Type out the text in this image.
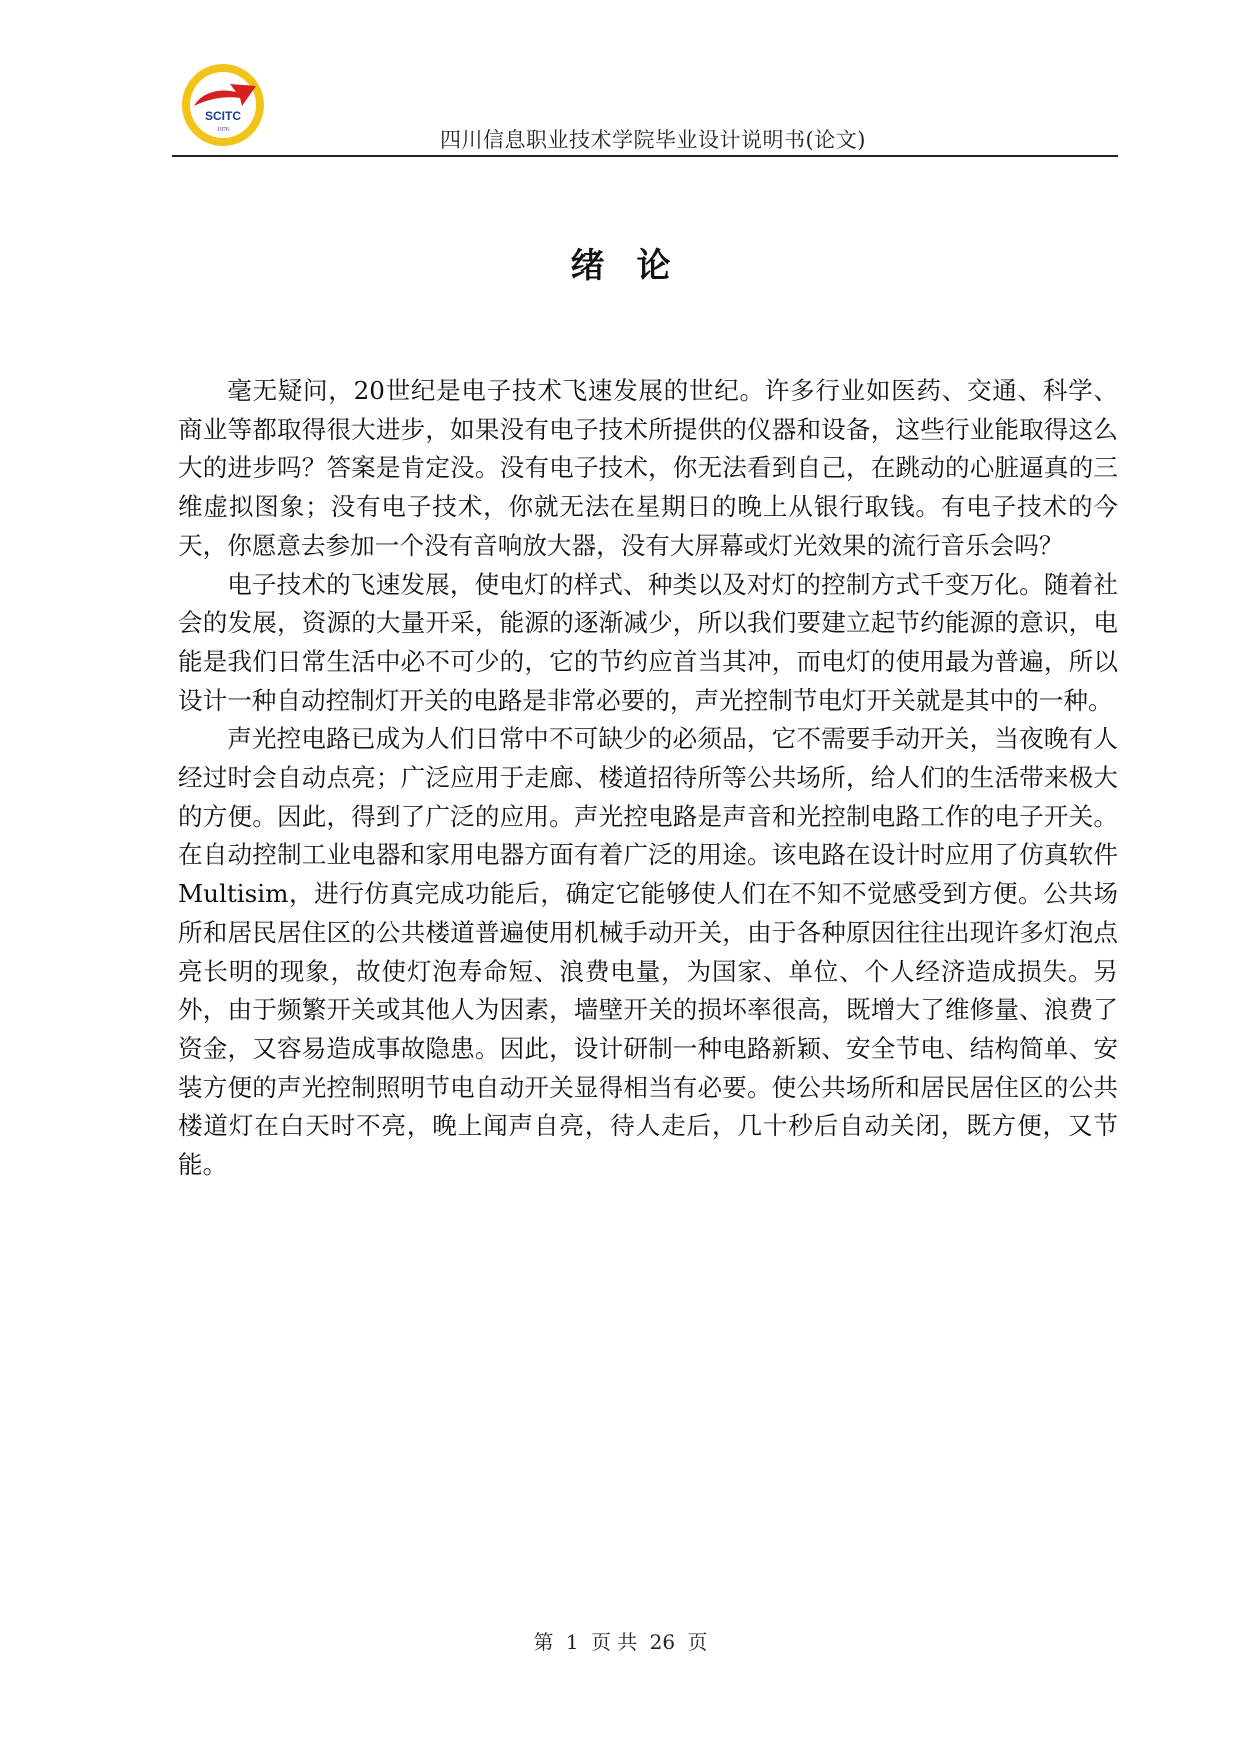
SCITC
1976	四川信息职业技术学院毕业设计说明书(论文)
绪论

毫无疑问，20世纪是电子技术飞速发展的世纪。许多行业如医药、交通、科学、商业等都取得很大进步，如果没有电子技术所提供的仪器和设备，这些行业能取得这么大的进步吗？答案是肯定没。没有电子技术，你无法看到自己，在跳动的心脏逼真的三维虚拟图象；没有电子技术，你就无法在星期日的晚上从银行取钱。有电子技术的今天，你愿意去参加一个没有音响放大器，没有大屏幕或灯光效果的流行音乐会吗？

电子技术的飞速发展，使电灯的样式、种类以及对灯的控制方式千变万化。随着社会的发展，资源的大量开采，能源的逐渐减少，所以我们要建立起节约能源的意识，电能是我们日常生活中必不可少的，它的节约应首当其冲，而电灯的使用最为普遍，所以设计一种自动控制灯开关的电路是非常必要的，声光控制节电灯开关就是其中的一种。

声光控电路已成为人们日常中不可缺少的必须品，它不需要手动开关，当夜晚有人经过时会自动点亮；广泛应用于走廊、楼道招待所等公共场所，给人们的生活带来极大的方便。因此，得到了广泛的应用。声光控电路是声音和光控制电路工作的电子开关。在自动控制工业电器和家用电器方面有着广泛的用途。该电路在设计时应用了仿真软件Multisim，进行仿真完成功能后，确定它能够使人们在不知不觉感受到方便。公共场所和居民居住区的公共楼道普遍使用机械手动开关，由于各种原因往往出现许多灯泡点亮长明的现象，故使灯泡寿命短、浪费电量，为国家、单位、个人经济造成损失。另外，由于频繁开关或其他人为因素，墙壁开关的损坏率很高，既增大了维修量、浪费了资金，又容易造成事故隐患。因此，设计研制一种电路新颖、安全节电、结构简单、安装方便的声光控制照明节电自动开关显得相当有必要。使公共场所和居民居住区的公共楼道灯在白天时不亮，晚上闻声自亮，待人走后，几十秒后自动关闭，既方便，又节能。

第 1 页 共 26 页
